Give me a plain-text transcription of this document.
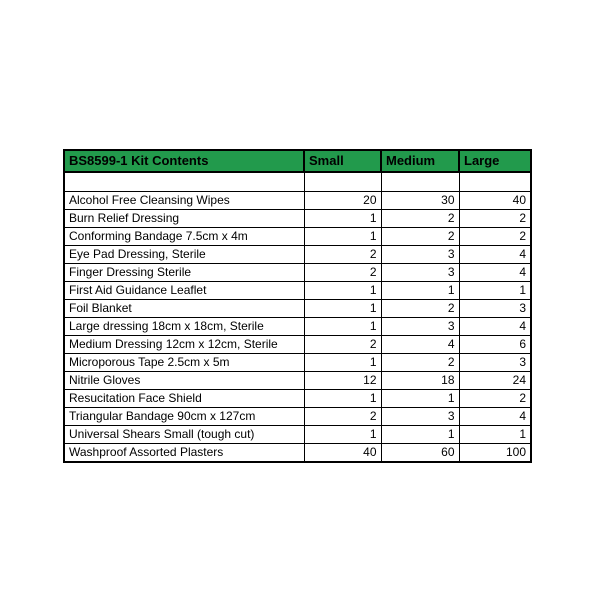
BS8599-1 Kit Contents	Small	Medium	Large

Alcohol Free Cleansing Wipes	20	30	40
Burn Relief Dressing	1	2	2
Conforming Bandage 7.5cm x 4m	1	2	2
Eye Pad Dressing, Sterile	2	3	4
Finger Dressing Sterile	2	3	4
First Aid Guidance Leaflet	1	1	1
Foil Blanket	1	2	3
Large dressing 18cm x 18cm, Sterile	1	3	4
Medium Dressing 12cm x 12cm, Sterile	2	4	6
Microporous Tape 2.5cm x 5m	1	2	3
Nitrile Gloves	12	18	24
Resucitation Face Shield	1	1	2
Triangular Bandage 90cm x 127cm	2	3	4
Universal Shears Small (tough cut)	1	1	1
Washproof Assorted Plasters	40	60	100
